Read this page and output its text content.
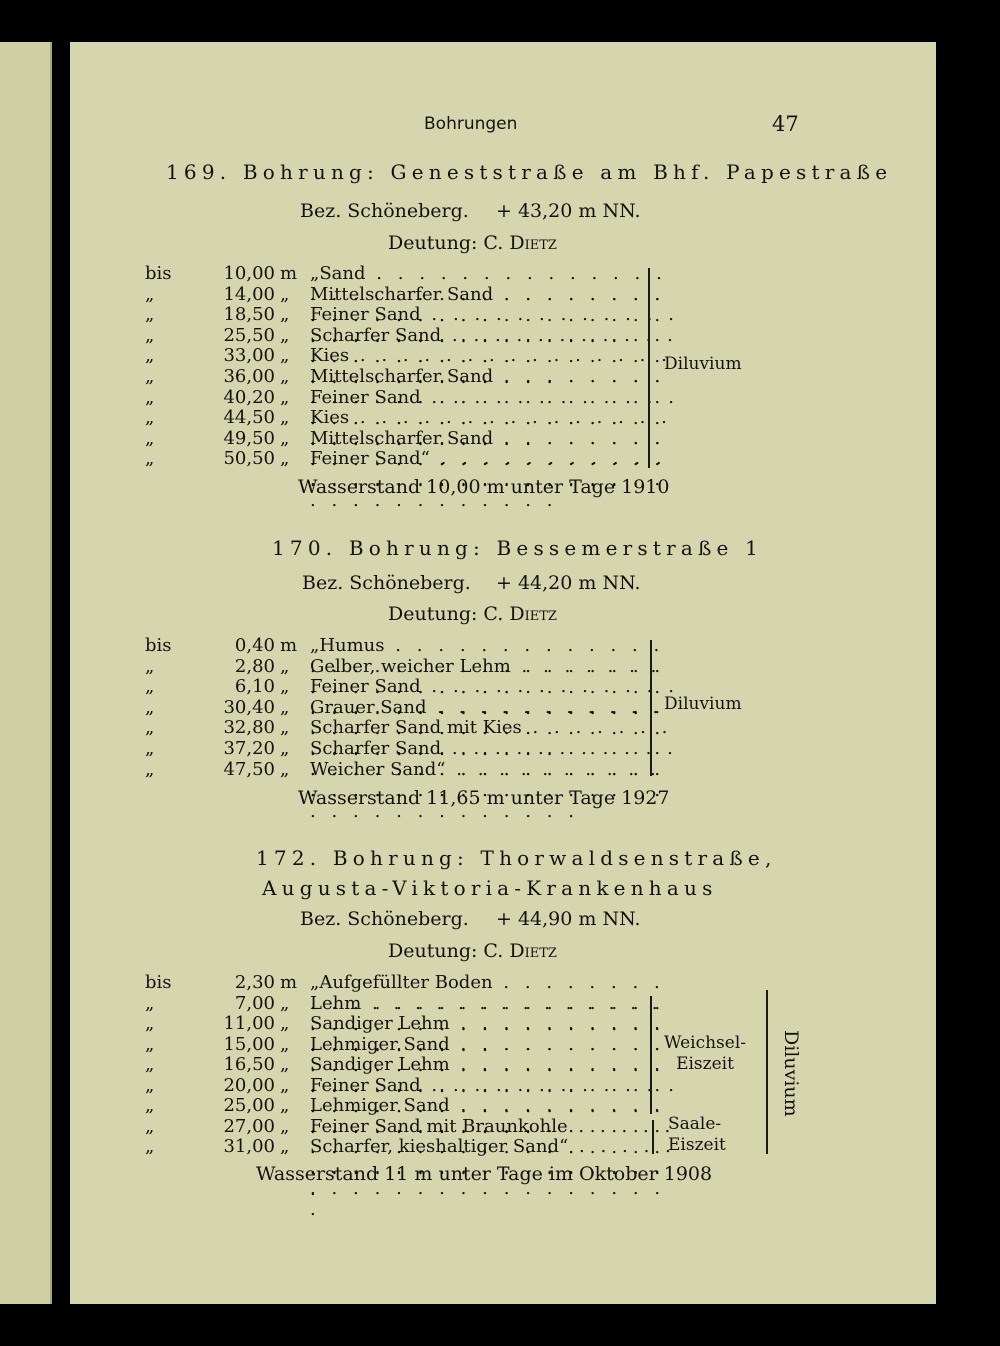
Bohrungen	47
169. Bohrung: Geneststraße am Bhf. Papestraße
Bez. Schöneberg. + 43,20 m NN.
Deutung: C. Dietz
bis	10,00 m „Sand . . .
„	14,00 „	Mittelscharfer Sand . . .
„	18,50 „	Feiner Sand . . .
„	25,50 „	Scharfer Sand . . .
„	33,00 „	Kies . . .
„	36,00 „	Mittelscharfer Sand . . .
„	40,20 „	Feiner Sand . . .
„	44,50 „	Kies . . .
„	49,50 „	Mittelscharfer Sand . . .
„	50,50 „	Feiner Sand“ . . .
Diluvium
Wasserstand 10,00 m unter Tage 1910
170. Bohrung: Bessemerstraße 1
Bez. Schöneberg. + 44,20 m NN.
Deutung: C. Dietz
bis	0,40 m „Humus . . .
„	2,80 „	Gelber, weicher Lehm . . .
„	6,10 „	Feiner Sand . . .
„	30,40 „	Grauer Sand . . .
„	32,80 „	Scharfer Sand mit Kies . . .
„	37,20 „	Scharfer Sand . . .
„	47,50 „	Weicher Sand“ . . .
Diluvium
Wasserstand 11,65 m unter Tage 1927
172. Bohrung: Thorwaldsenstraße,
Augusta-Viktoria-Krankenhaus
Bez. Schöneberg. + 44,90 m NN.
Deutung: C. Dietz
bis	2,30 m „Aufgefüllter Boden . . .
„	7,00 „	Lehm . . .
„	11,00 „	Sandiger Lehm . . .
„	15,00 „	Lehmiger Sand . . .
„	16,50 „	Sandiger Lehm . . .
„	20,00 „	Feiner Sand . . .
„	25,00 „	Lehmiger Sand . . .
„	27,00 „	Feiner Sand mit Braunkohle . . .
„	31,00 „	Scharfer, kieshaltiger Sand“ . . .
Weichsel-
Eiszeit
Saale-
Eiszeit
Diluvium
Wasserstand 11 m unter Tage im Oktober 1908
